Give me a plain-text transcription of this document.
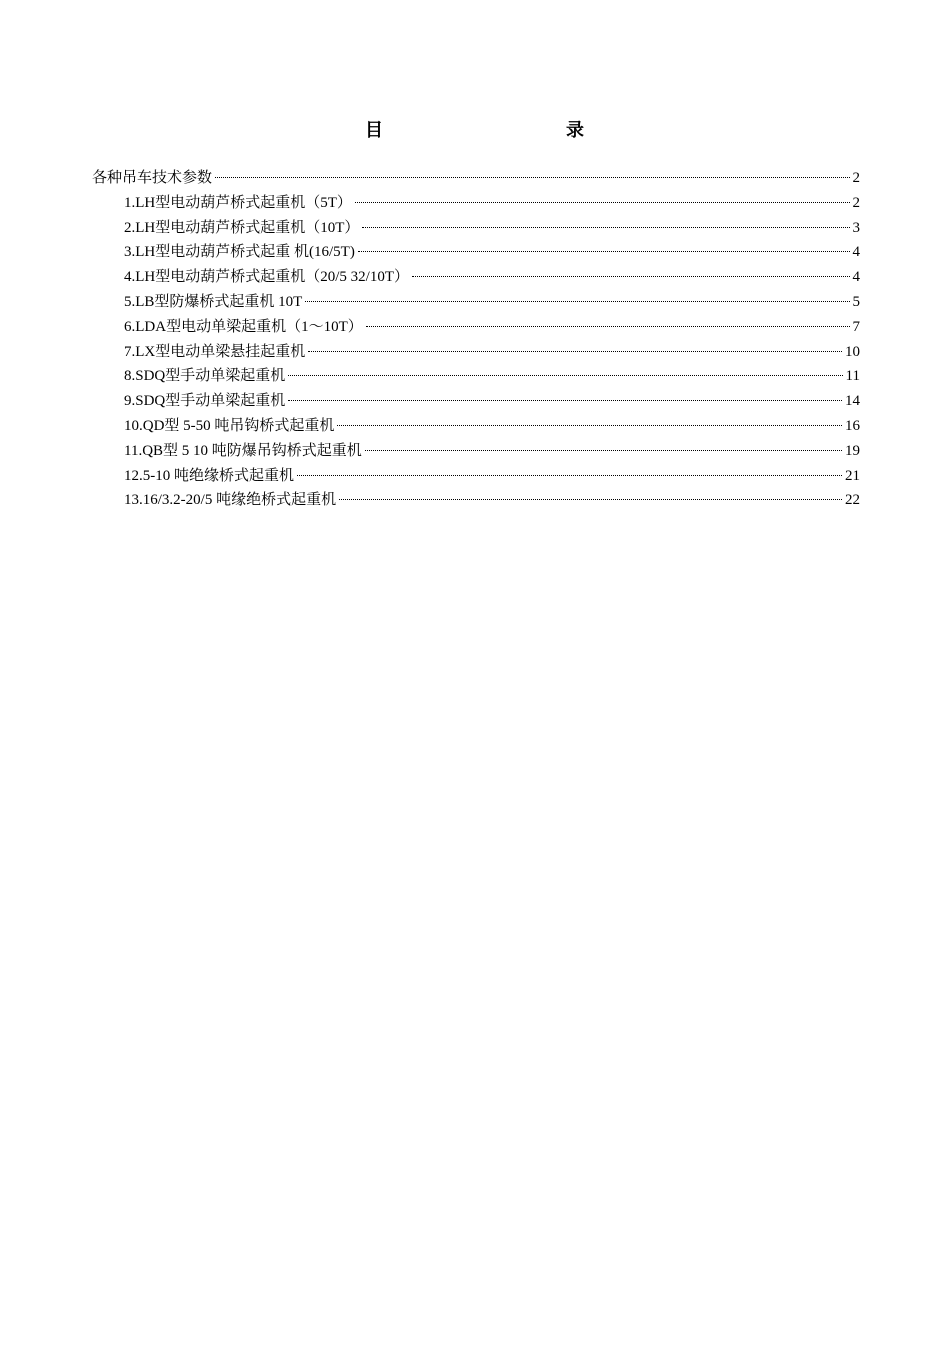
目	录
各种吊车技术参数	2
1.LH型电动葫芦桥式起重机（5T）	2
2.LH型电动葫芦桥式起重机（10T）	3
3.LH型电动葫芦桥式起重 机(16/5T)	4
4.LH型电动葫芦桥式起重机（20/5 32/10T）	4
5.LB型防爆桥式起重机 10T	5
6.LDA型电动单梁起重机（1～10T）	7
7.LX型电动单梁悬挂起重机	10
8.SDQ型手动单梁起重机	11
9.SDQ型手动单梁起重机	14
10.QD型 5-50 吨吊钩桥式起重机	16
11.QB型 5 10 吨防爆吊钩桥式起重机	19
12.5-10 吨绝缘桥式起重机	21
13.16/3.2-20/5 吨缘绝桥式起重机	22
